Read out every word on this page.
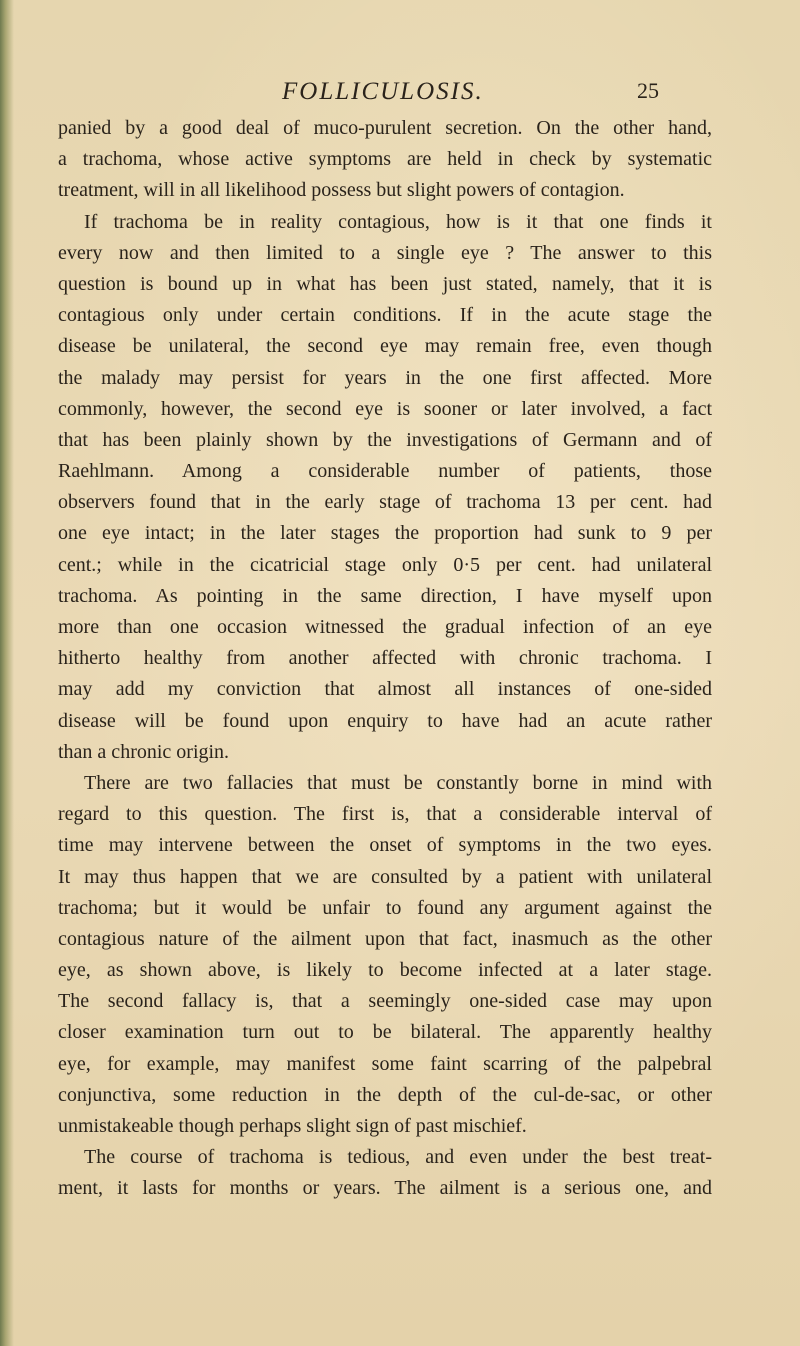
FOLLICULOSIS.	25
panied by a good deal of muco-purulent secretion. On the other hand,
a trachoma, whose active symptoms are held in check by systematic
treatment, will in all likelihood possess but slight powers of contagion.
If trachoma be in reality contagious, how is it that one finds it
every now and then limited to a single eye ? The answer to this
question is bound up in what has been just stated, namely, that it is
contagious only under certain conditions. If in the acute stage the
disease be unilateral, the second eye may remain free, even though
the malady may persist for years in the one first affected. More
commonly, however, the second eye is sooner or later involved, a fact
that has been plainly shown by the investigations of Germann and of
Raehlmann. Among a considerable number of patients, those
observers found that in the early stage of trachoma 13 per cent. had
one eye intact; in the later stages the proportion had sunk to 9 per
cent.; while in the cicatricial stage only 0·5 per cent. had unilateral
trachoma. As pointing in the same direction, I have myself upon
more than one occasion witnessed the gradual infection of an eye
hitherto healthy from another affected with chronic trachoma. I
may add my conviction that almost all instances of one-sided
disease will be found upon enquiry to have had an acute rather
than a chronic origin.
There are two fallacies that must be constantly borne in mind with
regard to this question. The first is, that a considerable interval of
time may intervene between the onset of symptoms in the two eyes.
It may thus happen that we are consulted by a patient with unilateral
trachoma; but it would be unfair to found any argument against the
contagious nature of the ailment upon that fact, inasmuch as the other
eye, as shown above, is likely to become infected at a later stage.
The second fallacy is, that a seemingly one-sided case may upon
closer examination turn out to be bilateral. The apparently healthy
eye, for example, may manifest some faint scarring of the palpebral
conjunctiva, some reduction in the depth of the cul-de-sac, or other
unmistakeable though perhaps slight sign of past mischief.
The course of trachoma is tedious, and even under the best treat-
ment, it lasts for months or years. The ailment is a serious one, and
